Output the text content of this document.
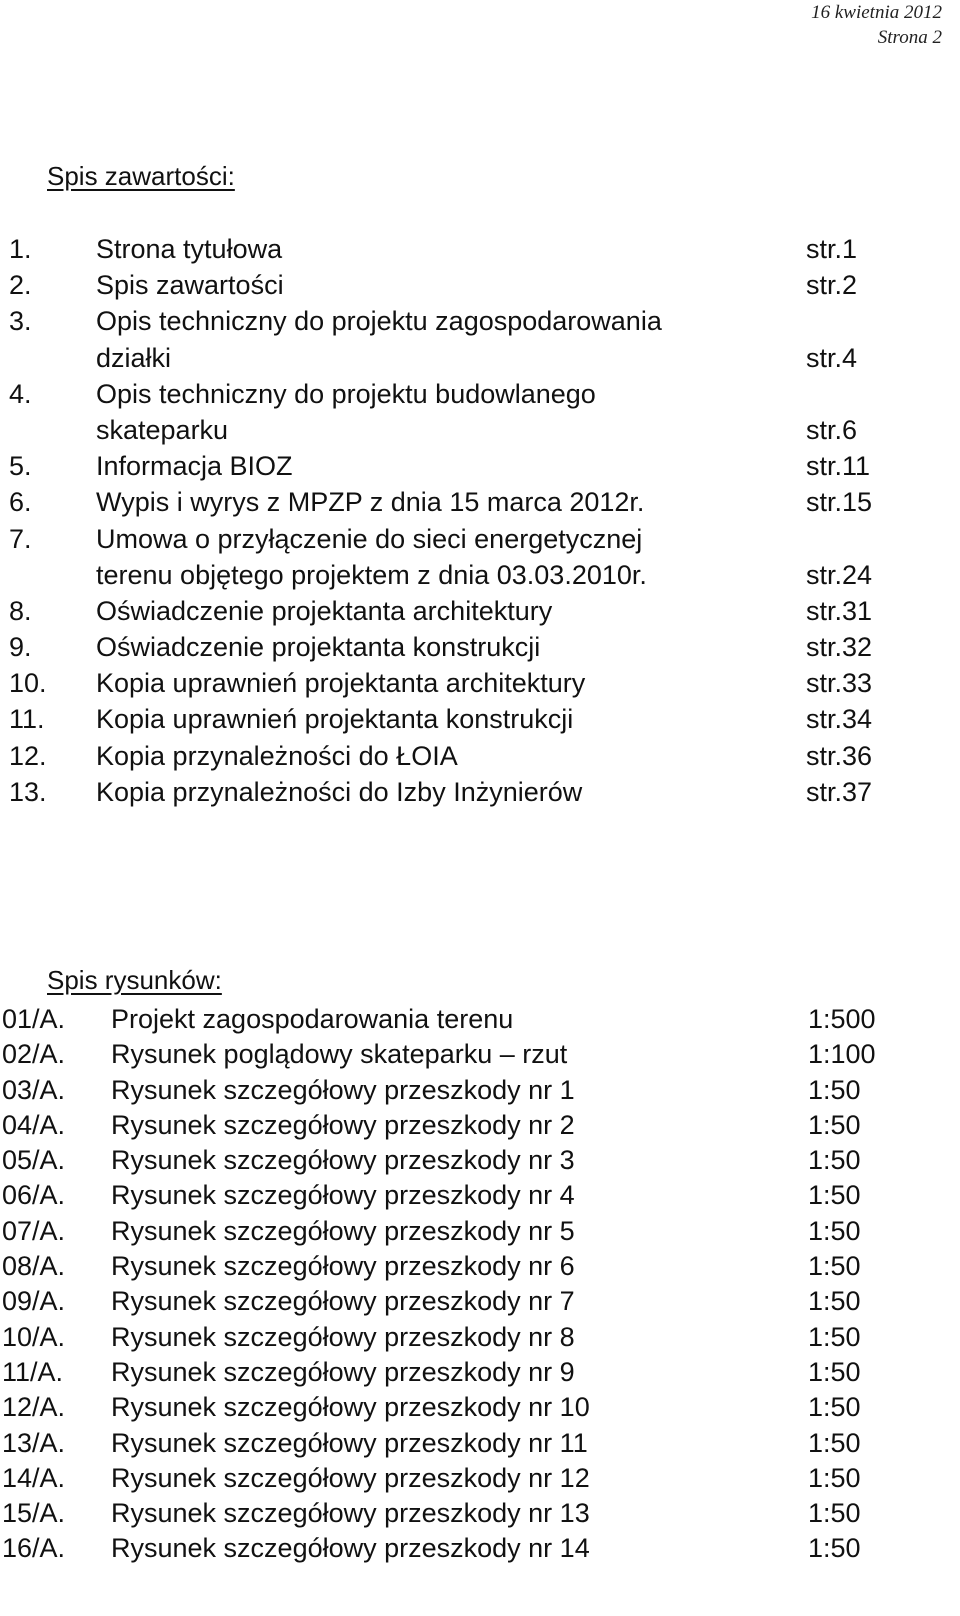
16 kwietnia 2012
Strona 2
Spis zawartości:
1. Strona tytułowa	str.1
2. Spis zawartości	str.2
3. Opis techniczny do projektu zagospodarowania
działki	str.4
4. Opis techniczny do projektu budowlanego
skateparku	str.6
5. Informacja BIOZ	str.11
6. Wypis i wyrys z MPZP z dnia 15 marca 2012r.	str.15
7. Umowa o przyłączenie do sieci energetycznej
terenu objętego projektem z dnia 03.03.2010r.	str.24
8. Oświadczenie projektanta architektury	str.31
9. Oświadczenie projektanta konstrukcji	str.32
10. Kopia uprawnień projektanta architektury	str.33
11. Kopia uprawnień projektanta konstrukcji	str.34
12. Kopia przynależności do ŁOIA	str.36
13. Kopia przynależności do Izby Inżynierów	str.37
Spis rysunków:
01/A. Projekt zagospodarowania terenu	1:500
02/A. Rysunek poglądowy skateparku – rzut	1:100
03/A. Rysunek szczegółowy przeszkody nr 1	1:50
04/A. Rysunek szczegółowy przeszkody nr 2	1:50
05/A. Rysunek szczegółowy przeszkody nr 3	1:50
06/A. Rysunek szczegółowy przeszkody nr 4	1:50
07/A. Rysunek szczegółowy przeszkody nr 5	1:50
08/A. Rysunek szczegółowy przeszkody nr 6	1:50
09/A. Rysunek szczegółowy przeszkody nr 7	1:50
10/A. Rysunek szczegółowy przeszkody nr 8	1:50
11/A. Rysunek szczegółowy przeszkody nr 9	1:50
12/A. Rysunek szczegółowy przeszkody nr 10	1:50
13/A. Rysunek szczegółowy przeszkody nr 11	1:50
14/A. Rysunek szczegółowy przeszkody nr 12	1:50
15/A. Rysunek szczegółowy przeszkody nr 13	1:50
16/A. Rysunek szczegółowy przeszkody nr 14	1:50
